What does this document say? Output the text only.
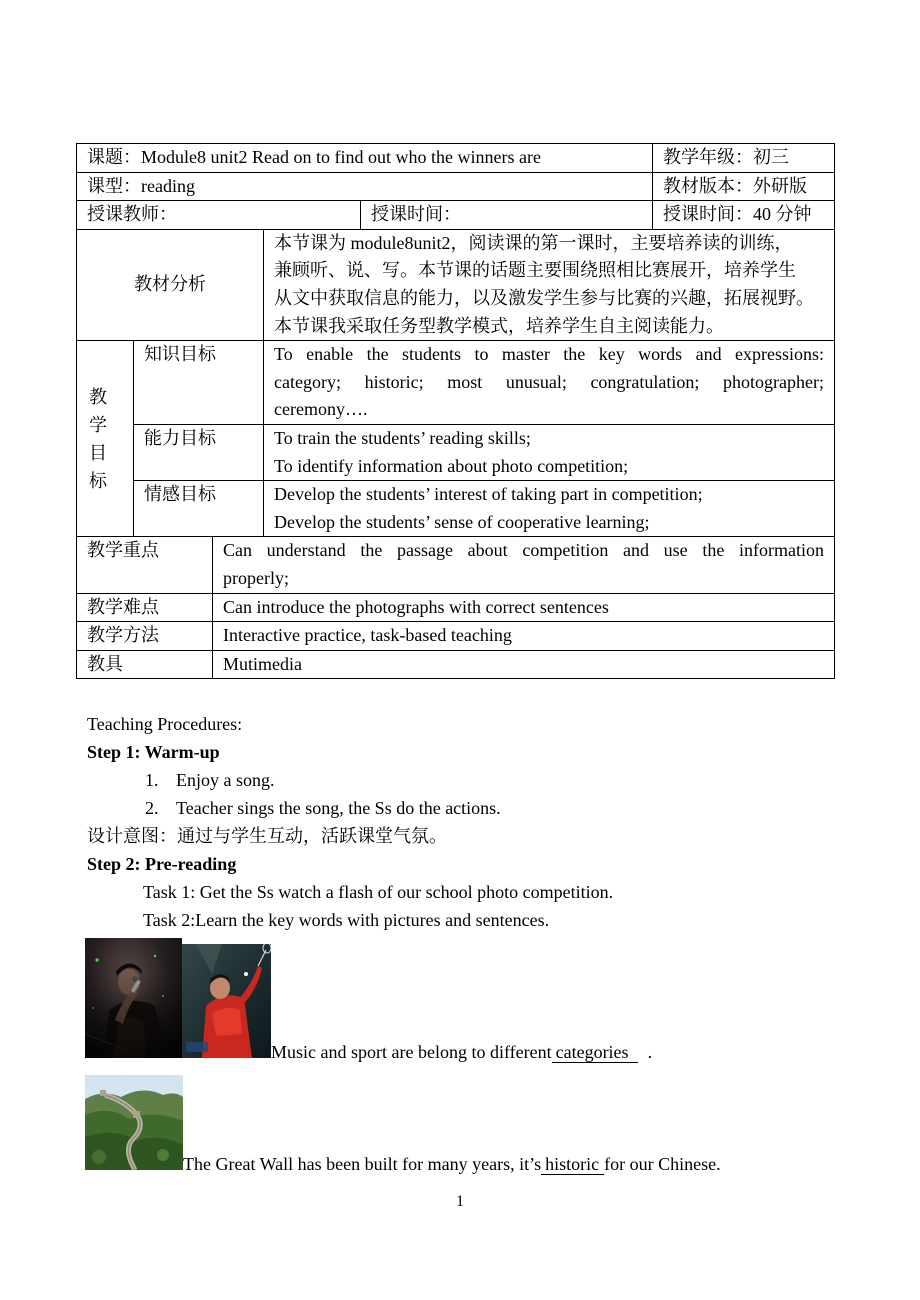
课题：Module8 unit2 Read on to find out who the winners are					教学年级：初三
课型：reading					教材版本：外研版
授课教师：				授课时间：	授课时间：40 分钟
教材分析			本节课为 module8unit2，阅读课的第一课时，主要培养读的训练，
兼顾听、说、写。本节课的话题主要围绕照相比赛展开，培养学生
从文中获取信息的能力，以及激发学生参与比赛的兴趣，拓展视野。
本节课我采取任务型教学模式，培养学生自主阅读能力。		

教学目标	知识目标		To enable the students to master the key words and expressions:
category; historic; most unusual; congratulation; photographer;
ceremony….		

	能力目标		To train the students’ reading skills;
To identify information about photo competition;		

	情感目标		Develop the students’ interest of taking part in competition;
Develop the students’ sense of cooperative learning;		

教学重点		Can understand the passage about competition and use the information
properly;			

教学难点		Can introduce the photographs with correct sentences			
教学方法		Interactive practice, task-based teaching			
教具		Mutimedia			
Teaching Procedures:
Step 1: Warm-up
1. Enjoy a song.
2. Teacher sings the song, the Ss do the actions.
设计意图：通过与学生互动，活跃课堂气氛。
Step 2: Pre-reading
Task 1: Get the Ss watch a flash of our school photo competition.
Task 2:Learn the key words with pictures and sentences.
Music and sport are belong to different categories .
The Great Wall has been built for many years, it’s historic for our Chinese.
1
